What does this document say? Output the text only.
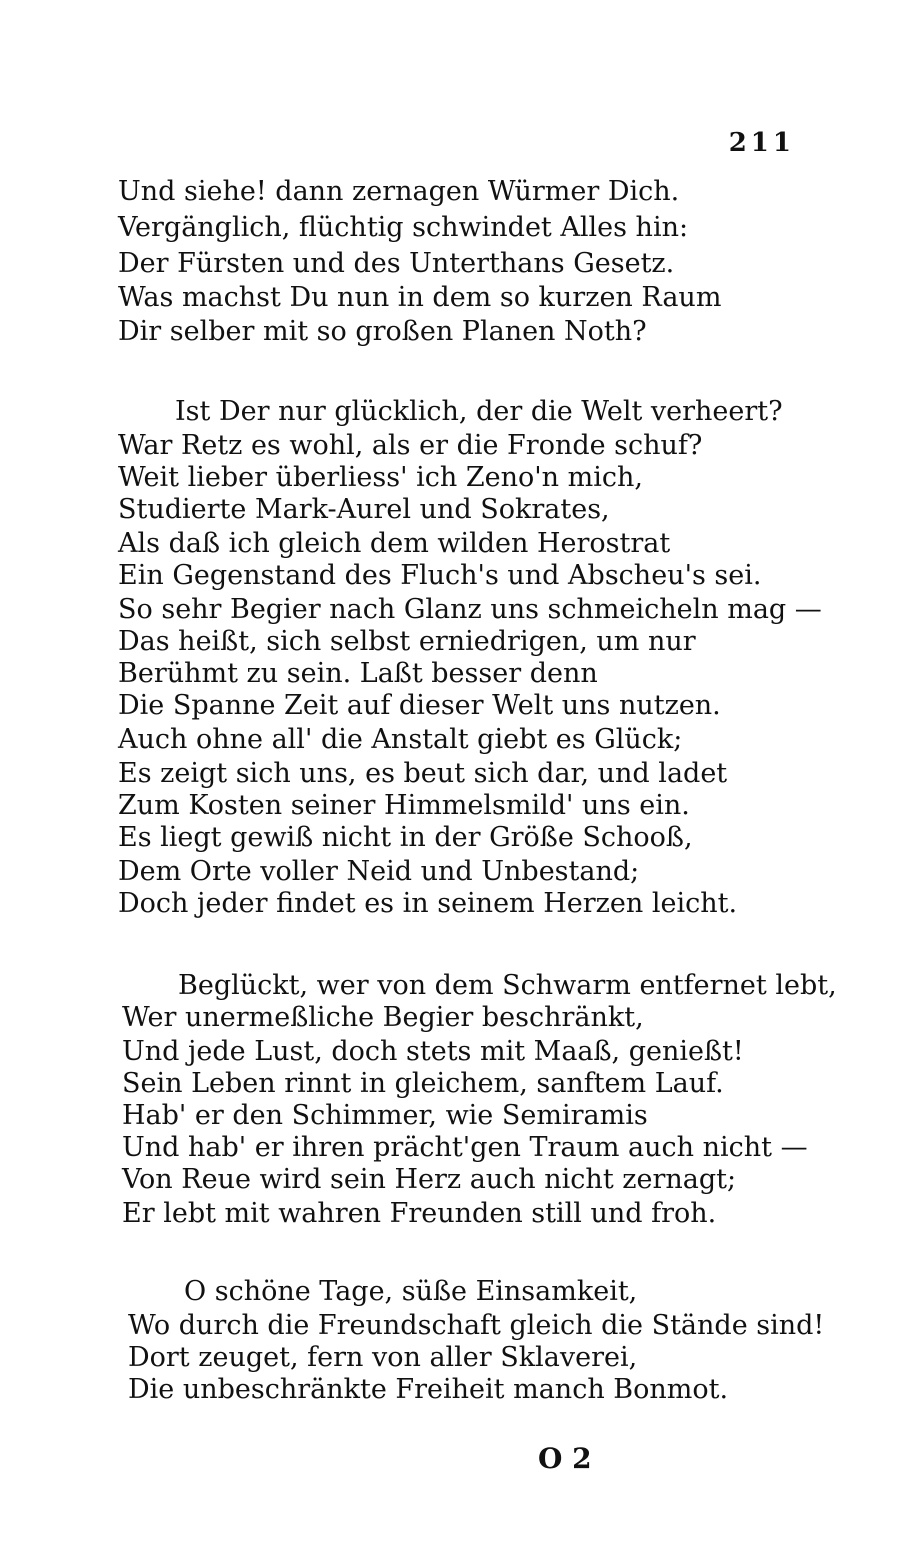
211
Und siehe! dann zernagen Würmer Dich.
Vergänglich, flüchtig schwindet Alles hin:
Der Fürsten und des Unterthans Gesetz.
Was machst Du nun in dem so kurzen Raum
Dir selber mit so großen Planen Noth?
Ist Der nur glücklich, der die Welt verheert?
War Retz es wohl, als er die Fronde schuf?
Weit lieber überliess' ich Zeno'n mich,
Studierte Mark-Aurel und Sokrates,
Als daß ich gleich dem wilden Herostrat
Ein Gegenstand des Fluch's und Abscheu's sei.
So sehr Begier nach Glanz uns schmeicheln mag —
Das heißt, sich selbst erniedrigen, um nur
Berühmt zu sein. Laßt besser denn
Die Spanne Zeit auf dieser Welt uns nutzen.
Auch ohne all' die Anstalt giebt es Glück;
Es zeigt sich uns, es beut sich dar, und ladet
Zum Kosten seiner Himmelsmild' uns ein.
Es liegt gewiß nicht in der Größe Schooß,
Dem Orte voller Neid und Unbestand;
Doch jeder findet es in seinem Herzen leicht.
Beglückt, wer von dem Schwarm entfernet lebt,
Wer unermeßliche Begier beschränkt,
Und jede Lust, doch stets mit Maaß, genießt!
Sein Leben rinnt in gleichem, sanftem Lauf.
Hab' er den Schimmer, wie Semiramis
Und hab' er ihren prächt'gen Traum auch nicht —
Von Reue wird sein Herz auch nicht zernagt;
Er lebt mit wahren Freunden still und froh.
O schöne Tage, süße Einsamkeit,
Wo durch die Freundschaft gleich die Stände sind!
Dort zeuget, fern von aller Sklaverei,
Die unbeschränkte Freiheit manch Bonmot.
O 2
